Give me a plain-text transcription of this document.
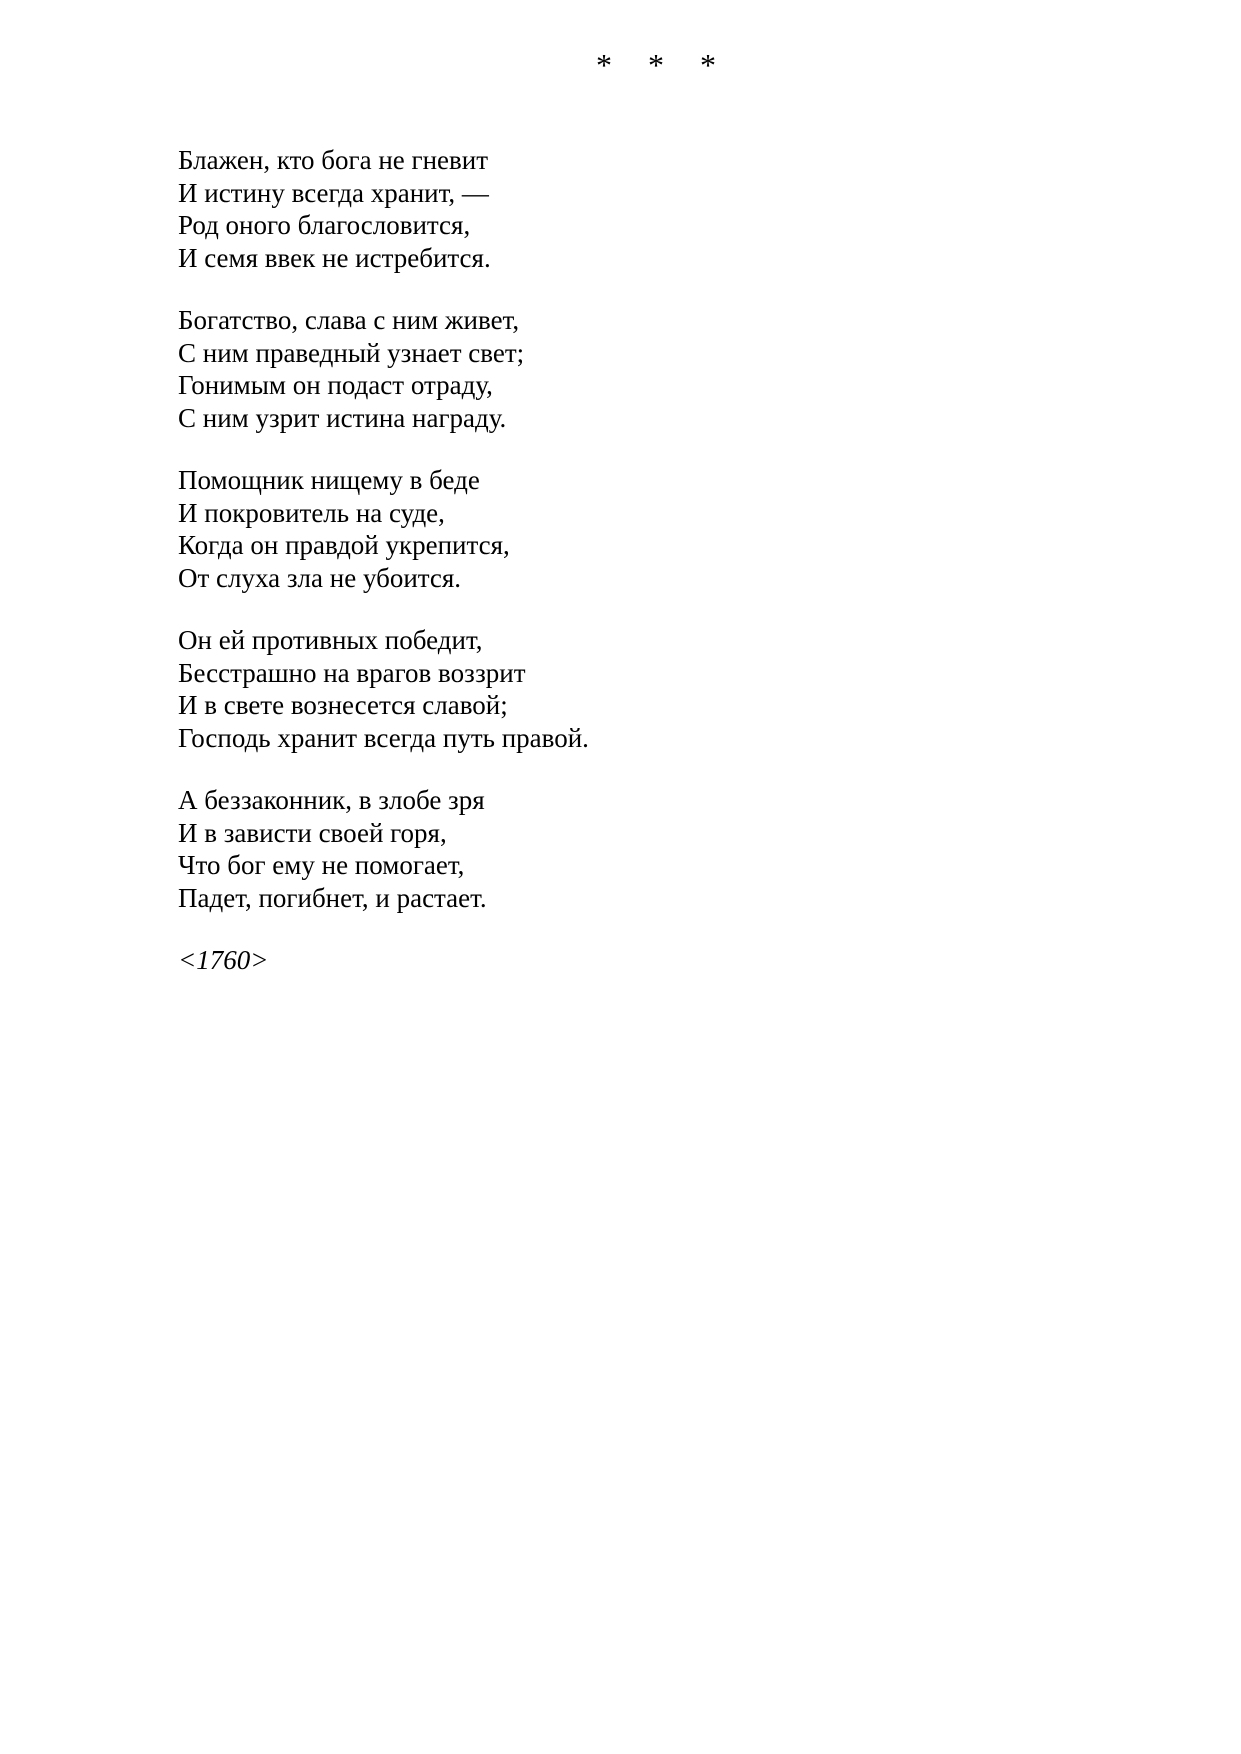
* * *
Блажен, кто бога не гневит
И истину всегда хранит, —
Род оного благословится,
И семя ввек не истребится.
Богатство, слава с ним живет,
С ним праведный узнает свет;
Гонимым он подаст отраду,
С ним узрит истина награду.
Помощник нищему в беде
И покровитель на суде,
Когда он правдой укрепится,
От слуха зла не убоится.
Он ей противных победит,
Бесстрашно на врагов воззрит
И в свете вознесется славой;
Господь хранит всегда путь правой.
А беззаконник, в злобе зря
И в зависти своей горя,
Что бог ему не помогает,
Падет, погибнет, и растает.
<1760>
